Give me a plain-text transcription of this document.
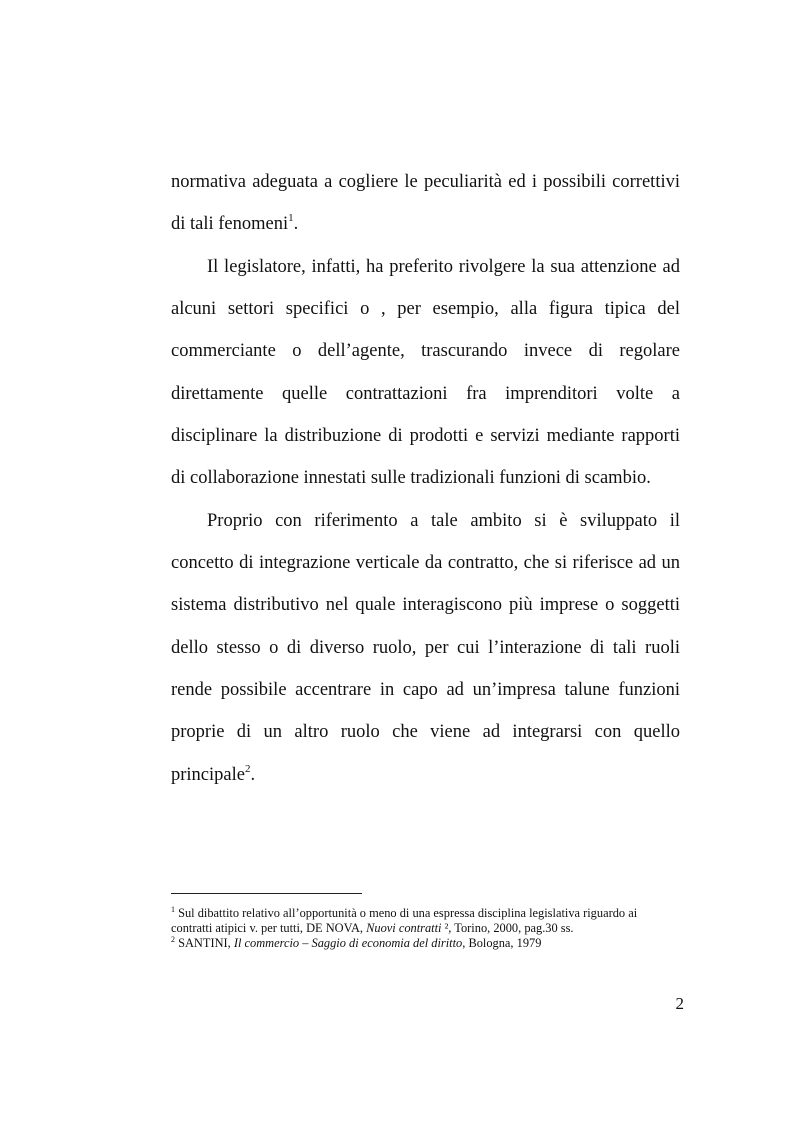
normativa adeguata a cogliere le peculiarità ed i possibili correttivi
di tali fenomeni$^1$.
Il legislatore, infatti, ha preferito rivolgere la sua attenzione ad
alcuni settori specifici o , per esempio, alla figura tipica del
commerciante o dell’agente, trascurando invece di regolare
direttamente quelle contrattazioni fra imprenditori volte a
disciplinare la distribuzione di prodotti e servizi mediante rapporti
di collaborazione innestati sulle tradizionali funzioni di scambio.
Proprio con riferimento a tale ambito si è sviluppato il
concetto di integrazione verticale da contratto, che si riferisce ad un
sistema distributivo nel quale interagiscono più imprese o soggetti
dello stesso o di diverso ruolo, per cui l’interazione di tali ruoli
rende possibile accentrare in capo ad un’impresa talune funzioni
proprie di un altro ruolo che viene ad integrarsi con quello
principale$^2$.
$^1$ Sul dibattito relativo all’opportunità o meno di una espressa disciplina legislativa riguardo ai
contratti atipici v. per tutti, DE NOVA, Nuovi contratti ², Torino, 2000, pag.30 ss.
$^2$ SANTINI, Il commercio – Saggio di economia del diritto, Bologna, 1979
2
